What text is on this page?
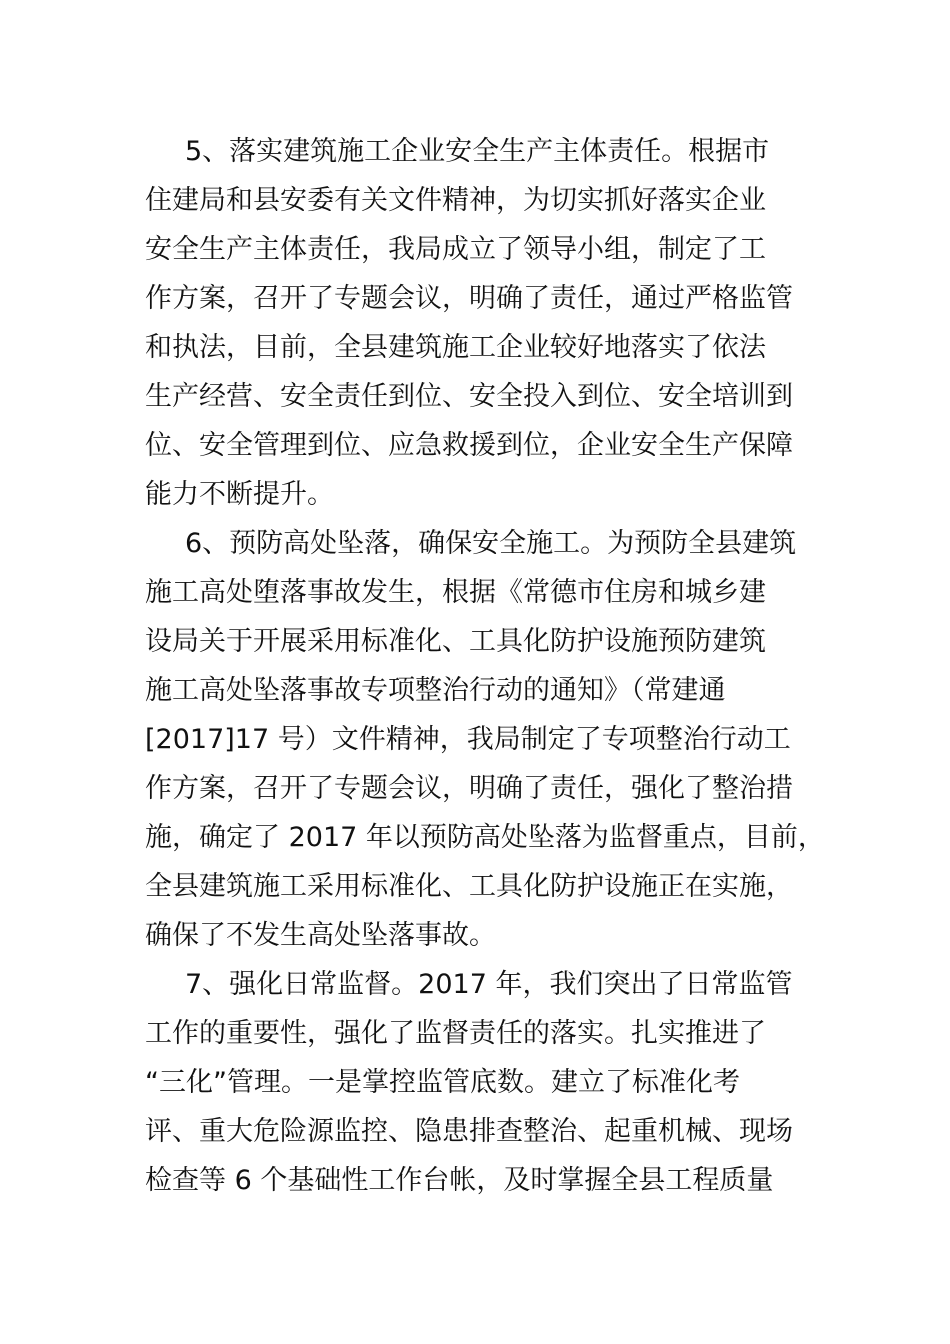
5、落实建筑施工企业安全生产主体责任。根据市
住建局和县安委有关文件精神，为切实抓好落实企业
安全生产主体责任，我局成立了领导小组，制定了工
作方案，召开了专题会议，明确了责任，通过严格监管
和执法，目前，全县建筑施工企业较好地落实了依法
生产经营、安全责任到位、安全投入到位、安全培训到
位、安全管理到位、应急救援到位，企业安全生产保障
能力不断提升。
6、预防高处坠落，确保安全施工。为预防全县建筑
施工高处堕落事故发生，根据《常德市住房和城乡建
设局关于开展采用标准化、工具化防护设施预防建筑
施工高处坠落事故专项整治行动的通知》（常建通
[2017]17 号）文件精神，我局制定了专项整治行动工
作方案，召开了专题会议，明确了责任，强化了整治措
施，确定了 2017 年以预防高处坠落为监督重点，目前，
全县建筑施工采用标准化、工具化防护设施正在实施，
确保了不发生高处坠落事故。
7、强化日常监督。2017 年，我们突出了日常监管
工作的重要性，强化了监督责任的落实。扎实推进了
“三化”管理。一是掌控监管底数。建立了标准化考
评、重大危险源监控、隐患排查整治、起重机械、现场
检查等 6 个基础性工作台帐，及时掌握全县工程质量
